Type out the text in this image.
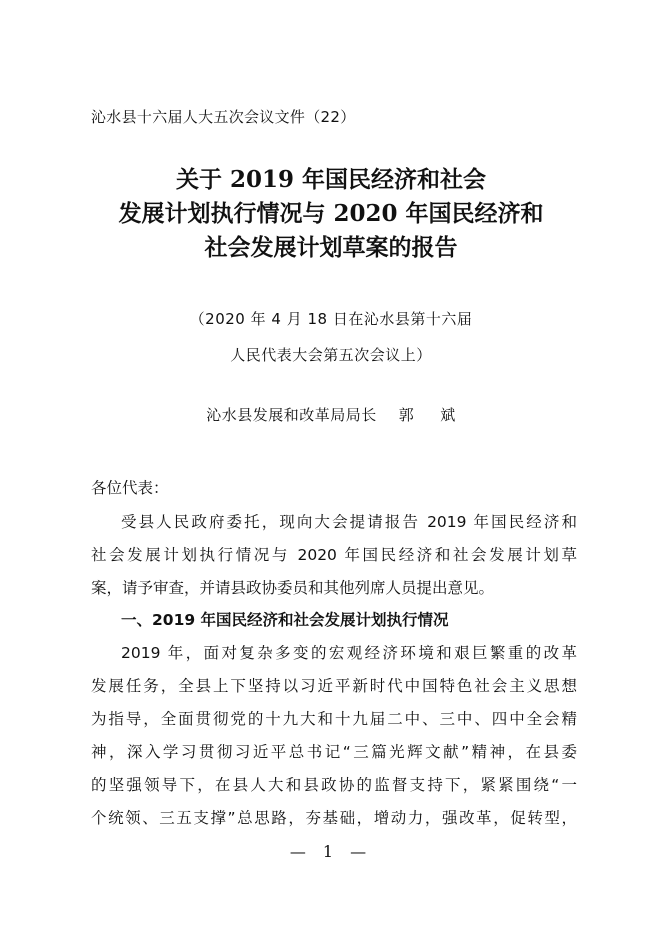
沁水县十六届人大五次会议文件（22）
关于 2019 年国民经济和社会
发展计划执行情况与 2020 年国民经济和
社会发展计划草案的报告
（2020 年 4 月 18 日在沁水县第十六届
人民代表大会第五次会议上）
沁水县发展和改革局局长 郭 斌
各位代表：
受县人民政府委托，现向大会提请报告 2019 年国民经济和
社会发展计划执行情况与 2020 年国民经济和社会发展计划草
案，请予审查，并请县政协委员和其他列席人员提出意见。
一、2019 年国民经济和社会发展计划执行情况
2019 年，面对复杂多变的宏观经济环境和艰巨繁重的改革
发展任务，全县上下坚持以习近平新时代中国特色社会主义思想
为指导，全面贯彻党的十九大和十九届二中、三中、四中全会精
神，深入学习贯彻习近平总书记“三篇光辉文献”精神，在县委
的坚强领导下，在县人大和县政协的监督支持下，紧紧围绕“一
个统领、三五支撑”总思路，夯基础，增动力，强改革，促转型，
— 1 —
